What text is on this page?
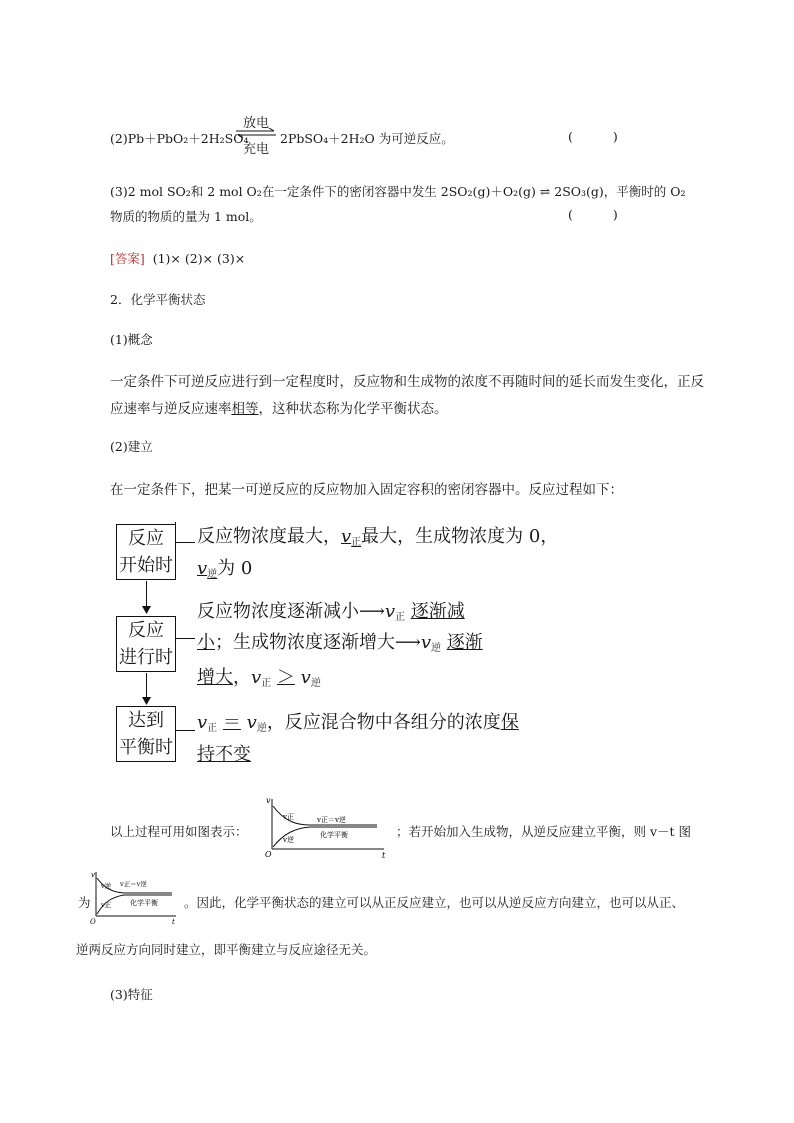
(2)Pb＋PbO₂＋2H₂SO₄
放电
充电
2PbSO₄＋2H₂O 为可逆反应。	( )
(3)2 mol SO₂和 2 mol O₂在一定条件下的密闭容器中发生 2SO₂(g)＋O₂(g) ⇌ 2SO₃(g)，平衡时的 O₂
物质的物质的量为 1 mol。	( )
[答案] (1)× (2)× (3)×
2．化学平衡状态
(1)概念
一定条件下可逆反应进行到一定程度时，反应物和生成物的浓度不再随时间的延长而发生变化，正反
应速率与逆反应速率相等，这种状态称为化学平衡状态。
(2)建立
在一定条件下，把某一可逆反应的反应物加入固定容积的密闭容器中。反应过程如下：
反应
开始时
反应
进行时
达到
平衡时
反应物浓度最大，$v_正$最大，生成物浓度为 0，
$v_逆$为 0
反应物浓度逐渐减小$⟶v_正$ 逐渐减
小；生成物浓度逐渐增大$⟶v_逆$ 逐渐
增大，$v_正 > v_逆$
$v_正 = v_逆$，反应混合物中各组分的浓度保
持不变
以上过程可用如图表示：
v
t
O
v正
v逆
v正＝v逆
化学平衡	；若开始加入生成物，从逆反应建立平衡，则 v－t 图
为
v
t
O
v逆
v正
v正＝v逆
化学平衡 。因此，化学平衡状态的建立可以从正反应建立，也可以从逆反应方向建立，也可以从正、
逆两反应方向同时建立，即平衡建立与反应途径无关。
(3)特征
